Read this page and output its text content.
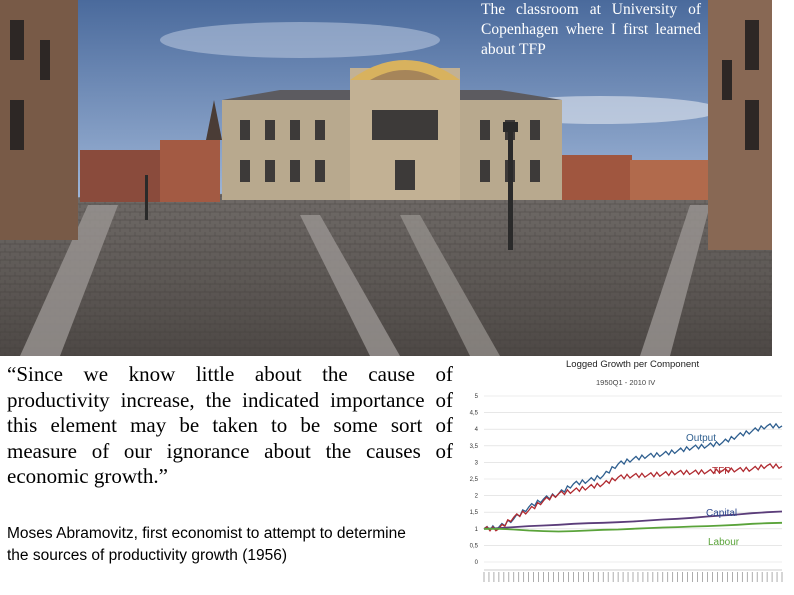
The classroom at University of Copenhagen where I first learned about TFP
“Since we know little about the cause of productivity increase, the indicated importance of this element may be taken to be some sort of measure of our ignorance about the causes of economic growth.”
Moses Abramovitz, first economist to attempt to determine the sources of productivity growth (1956)
Logged Growth per Component
1950Q1 - 2010 IV
0
0,5
1
1,5
2
2,5
3
3,5
4
4,5
5
Output
TFP
Capital
Labour
